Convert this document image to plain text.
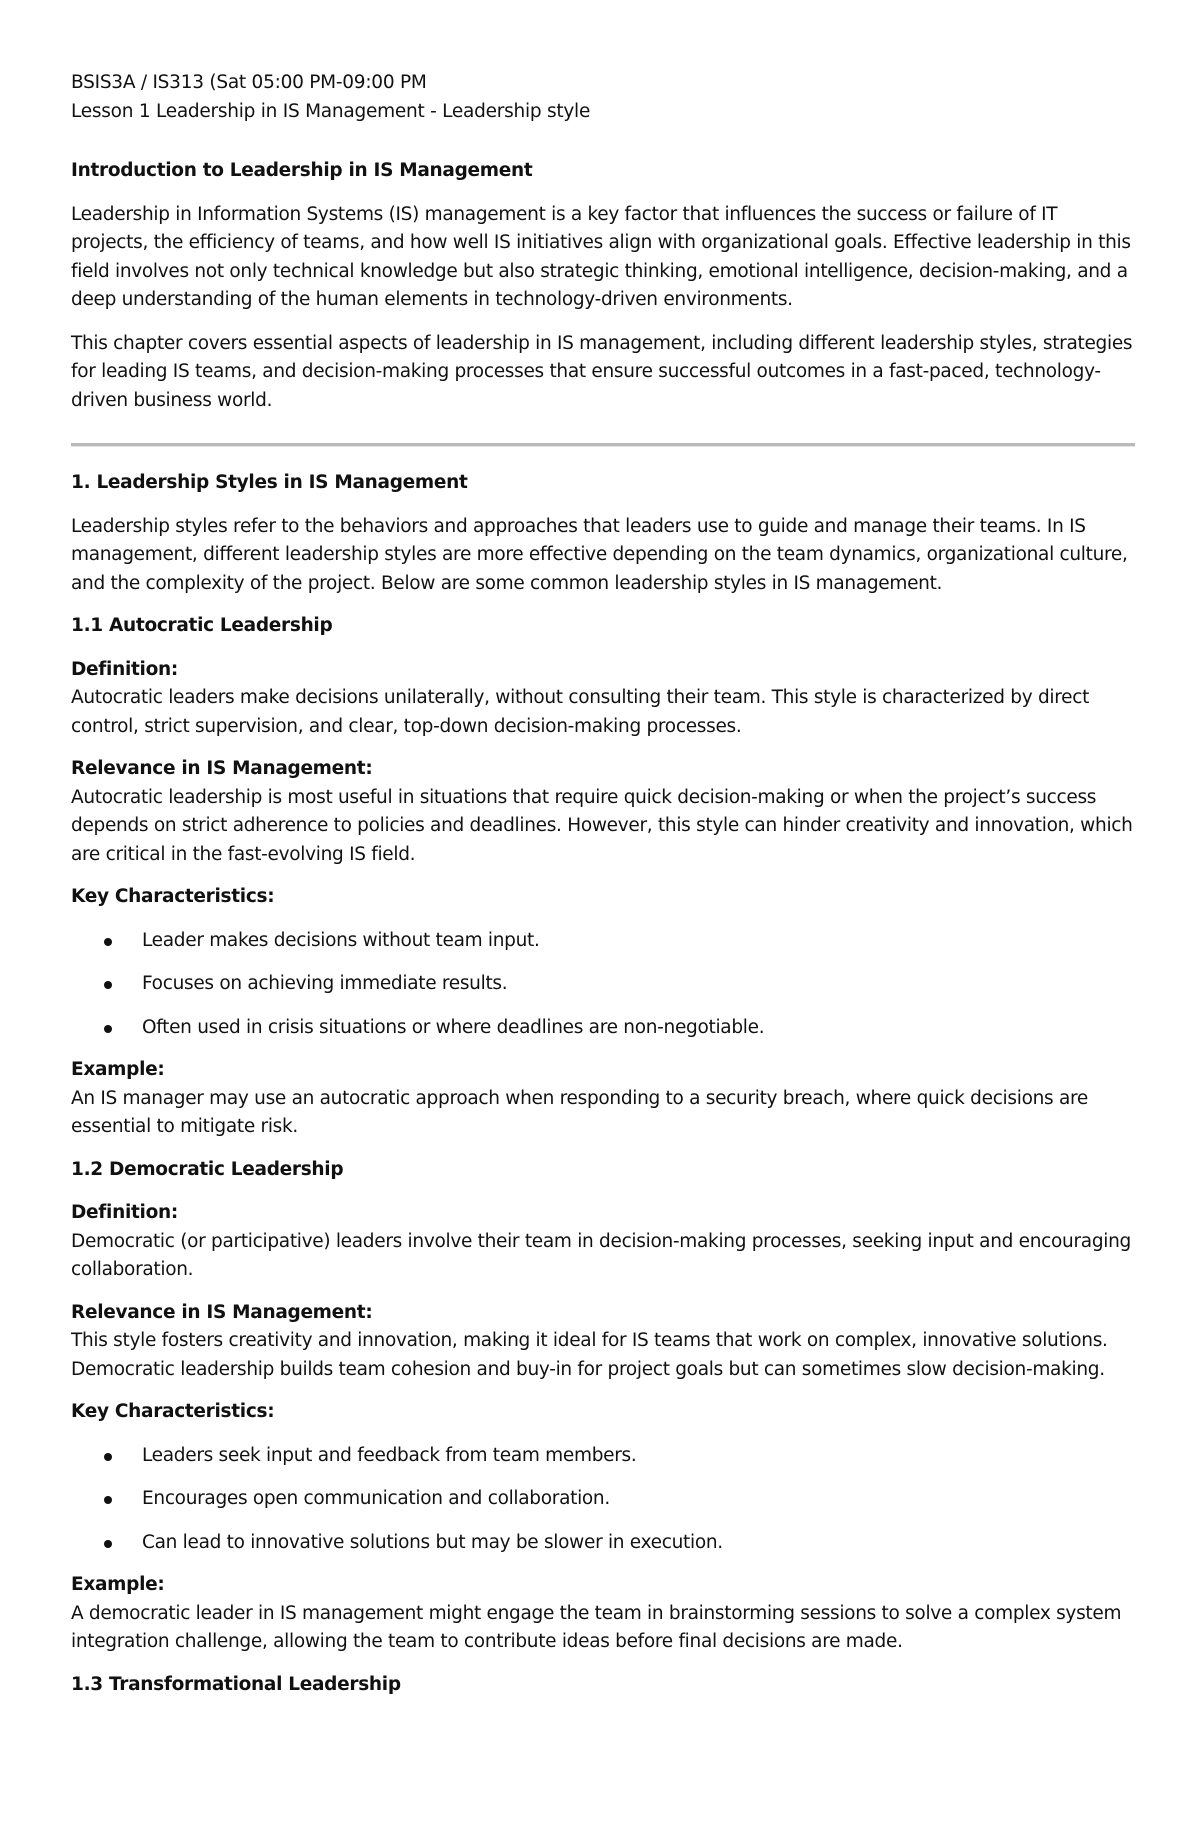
BSIS3A / IS313 (Sat 05:00 PM-09:00 PM

Lesson 1 Leadership in IS Management - Leadership style

Introduction to Leadership in IS Management

Leadership in Information Systems (IS) management is a key factor that influences the success or failure of IT projects, the efficiency of teams, and how well IS initiatives align with organizational goals. Effective leadership in this field involves not only technical knowledge but also strategic thinking, emotional intelligence, decision-making, and a deep understanding of the human elements in technology-driven environments.

This chapter covers essential aspects of leadership in IS management, including different leadership styles, strategies for leading IS teams, and decision-making processes that ensure successful outcomes in a fast-paced, technology-driven business world.

1. Leadership Styles in IS Management

Leadership styles refer to the behaviors and approaches that leaders use to guide and manage their teams. In IS management, different leadership styles are more effective depending on the team dynamics, organizational culture, and the complexity of the project. Below are some common leadership styles in IS management.

1.1 Autocratic Leadership

Definition:

Autocratic leaders make decisions unilaterally, without consulting their team. This style is characterized by direct control, strict supervision, and clear, top-down decision-making processes.

Relevance in IS Management:

Autocratic leadership is most useful in situations that require quick decision-making or when the project’s success depends on strict adherence to policies and deadlines. However, this style can hinder creativity and innovation, which are critical in the fast-evolving IS field.

Key Characteristics:

Leader makes decisions without team input.
Focuses on achieving immediate results.
Often used in crisis situations or where deadlines are non-negotiable.

Example:

An IS manager may use an autocratic approach when responding to a security breach, where quick decisions are essential to mitigate risk.

1.2 Democratic Leadership

Definition:

Democratic (or participative) leaders involve their team in decision-making processes, seeking input and encouraging collaboration.

Relevance in IS Management:

This style fosters creativity and innovation, making it ideal for IS teams that work on complex, innovative solutions. Democratic leadership builds team cohesion and buy-in for project goals but can sometimes slow decision-making.

Key Characteristics:

Leaders seek input and feedback from team members.
Encourages open communication and collaboration.
Can lead to innovative solutions but may be slower in execution.

Example:

A democratic leader in IS management might engage the team in brainstorming sessions to solve a complex system integration challenge, allowing the team to contribute ideas before final decisions are made.

1.3 Transformational Leadership
